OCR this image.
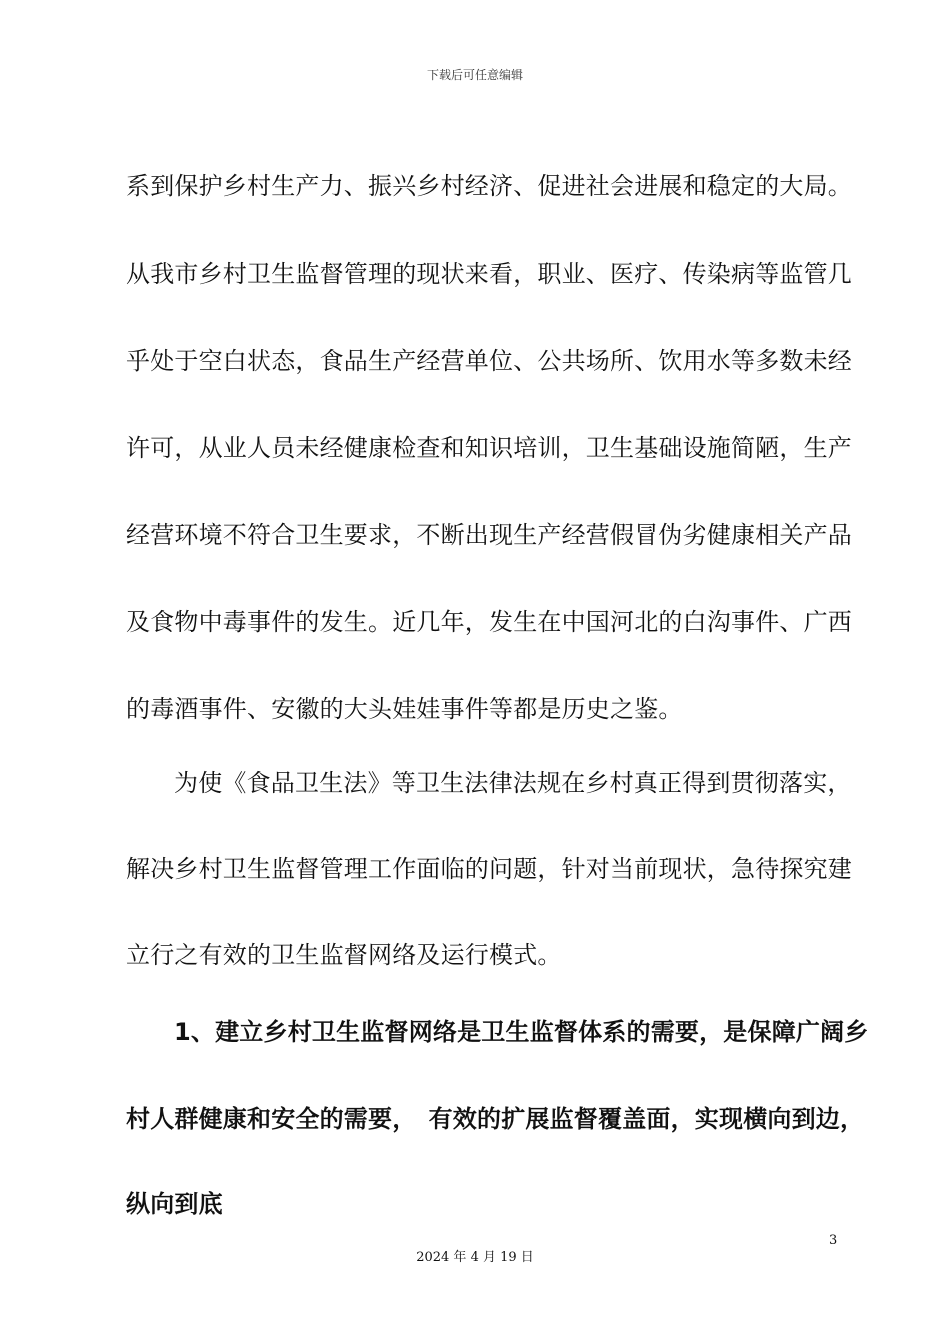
下载后可任意编辑
系到保护乡村生产力、振兴乡村经济、促进社会进展和稳定的大局。
从我市乡村卫生监督管理的现状来看，职业、医疗、传染病等监管几
乎处于空白状态，食品生产经营单位、公共场所、饮用水等多数未经
许可，从业人员未经健康检查和知识培训，卫生基础设施简陋，生产
经营环境不符合卫生要求，不断出现生产经营假冒伪劣健康相关产品
及食物中毒事件的发生。近几年，发生在中国河北的白沟事件、广西
的毒酒事件、安徽的大头娃娃事件等都是历史之鉴。
为使《食品卫生法》等卫生法律法规在乡村真正得到贯彻落实，
解决乡村卫生监督管理工作面临的问题，针对当前现状，急待探究建
立行之有效的卫生监督网络及运行模式。
1、建立乡村卫生监督网络是卫生监督体系的需要，是保障广阔乡
村人群健康和安全的需要，　有效的扩展监督覆盖面，实现横向到边，
纵向到底
3
2024 年 4 月 19 日
